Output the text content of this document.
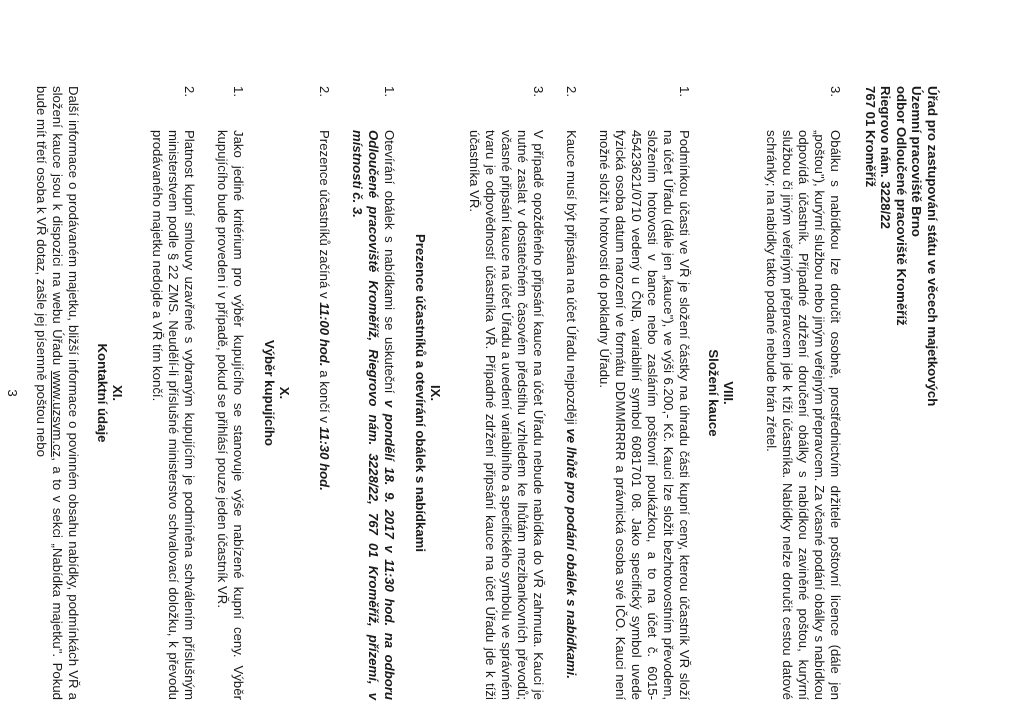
Úřad pro zastupování státu ve věcech majetkových

Územní pracoviště Brno

odbor Odloučené pracoviště Kroměříž

Riegrovo nám. 3228/22

767 01 Kroměříž

3.
Obálku s nabídkou lze doručit osobně, prostřednictvím držitele poštovní licence (dále jen „poštou"), kurýrní službou nebo jiným veřejným přepravcem. Za včasné podání obálky s nabídkou odpovídá účastník. Případné zdržení doručení obálky s nabídkou zaviněné poštou, kurýrní službou či jiným veřejným přepravcem jde k tíži účastníka. Nabídky nelze doručit cestou datové schránky; na nabídky takto podané nebude brán zřetel.

VIII.

Složení kauce

1.
Podmínkou účasti ve VŘ je složení částky na úhradu části kupní ceny, kterou účastník VŘ složí na účet Úřadu (dále jen „kauce"), ve výši 6.200,- Kč. Kauci lze složit bezhotovostním převodem, složením hotovosti v bance nebo zasláním poštovní poukázkou, a to na účet č. 6015-45423621/0710 vedený u ČNB, variabilní symbol 6081701 08. Jako specifický symbol uvede fyzická osoba datum narození ve formátu DDMMRRRR a právnická osoba své IČO. Kauci není možné složit v hotovosti do pokladny Úřadu.

2.
Kauce musí být připsána na účet Úřadu nejpozději ve lhůtě pro podání obálek s nabídkami.

3.
V případě opožděného připsání kauce na účet Úřadu nebude nabídka do VŘ zahrnuta. Kauci je nutné zaslat v dostatečném časovém předstihu vzhledem ke lhůtám mezibankovních převodů; včasné připsání kauce na účet Úřadu a uvedení variabilního a specifického symbolu ve správném tvaru je odpovědností účastníka VŘ. Případné zdržení připsání kauce na účet Úřadu jde k tíži účastníka VŘ.

IX.

Prezence účastníků a otevírání obálek s nabídkami

1.
Otevírání obálek s nabídkami se uskuteční v pondělí 18. 9. 2017 v 11:30 hod. na odboru Odloučené pracoviště Kroměříž, Riegrovo nám. 3228/22, 767 01 Kroměříž, přízemí, v místnosti č. 3.

2.
Prezence účastníků začíná v 11:00 hod. a končí v 11:30 hod.

X.

Výběr kupujícího

1.
Jako jediné kritérium pro výběr kupujícího se stanovuje výše nabízené kupní ceny. Výběr kupujícího bude proveden i v případě, pokud se přihlásí pouze jeden účastník VŘ.

2.
Platnost kupní smlouvy uzavřené s vybraným kupujícím je podmíněna schválením příslušným ministerstvem podle § 22 ZMS. Neudělí-li příslušné ministerstvo schvalovací doložku, k převodu prodávaného majetku nedojde a VŘ tím končí.

XI.

Kontaktní údaje

Další informace o prodávaném majetku, bližší informace o povinném obsahu nabídky, podmínkách VŘ a složení kauce jsou k dispozici na webu Úřadu www.uzsvm.cz, a to v sekci „Nabídka majetku". Pokud bude mít třetí osoba k VŘ dotaz, zašle jej písemně poštou nebo

3
